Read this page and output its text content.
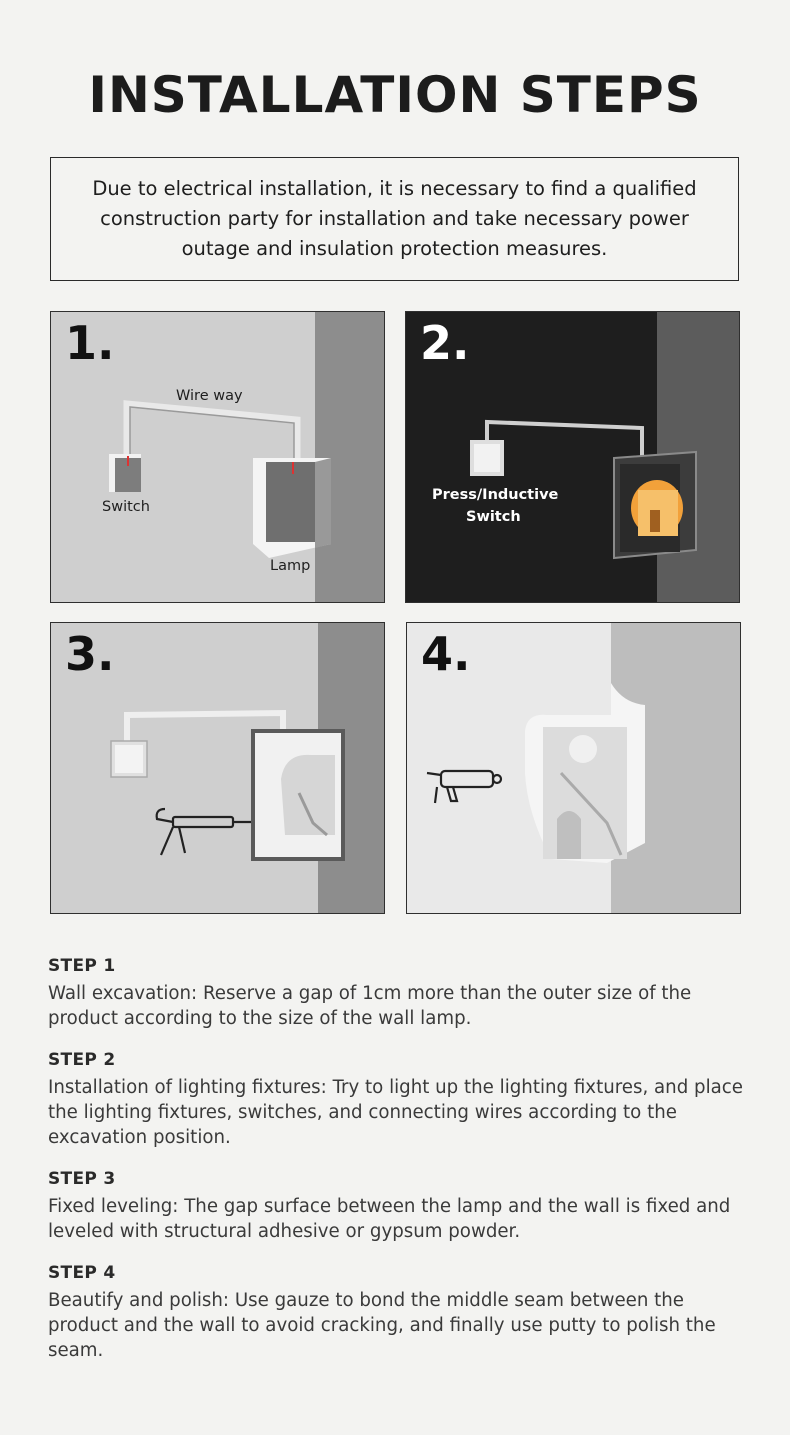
INSTALLATION STEPS
Due to electrical installation, it is necessary to find a qualified construction party for installation and take necessary power outage and insulation protection measures.
1.
Wire way
Switch
Lamp
2.
Press/Inductive
Switch
3.	4.
STEP 1
Wall excavation: Reserve a gap of 1cm more than the outer size of the product according to the size of the wall lamp.
STEP 2
Installation of lighting fixtures: Try to light up the lighting fixtures, and place the lighting fixtures, switches, and connecting wires according to the excavation position.
STEP 3
Fixed leveling: The gap surface between the lamp and the wall is fixed and leveled with structural adhesive or gypsum powder.
STEP 4
Beautify and polish: Use gauze to bond the middle seam between the product and the wall to avoid cracking, and finally use putty to polish the seam.
